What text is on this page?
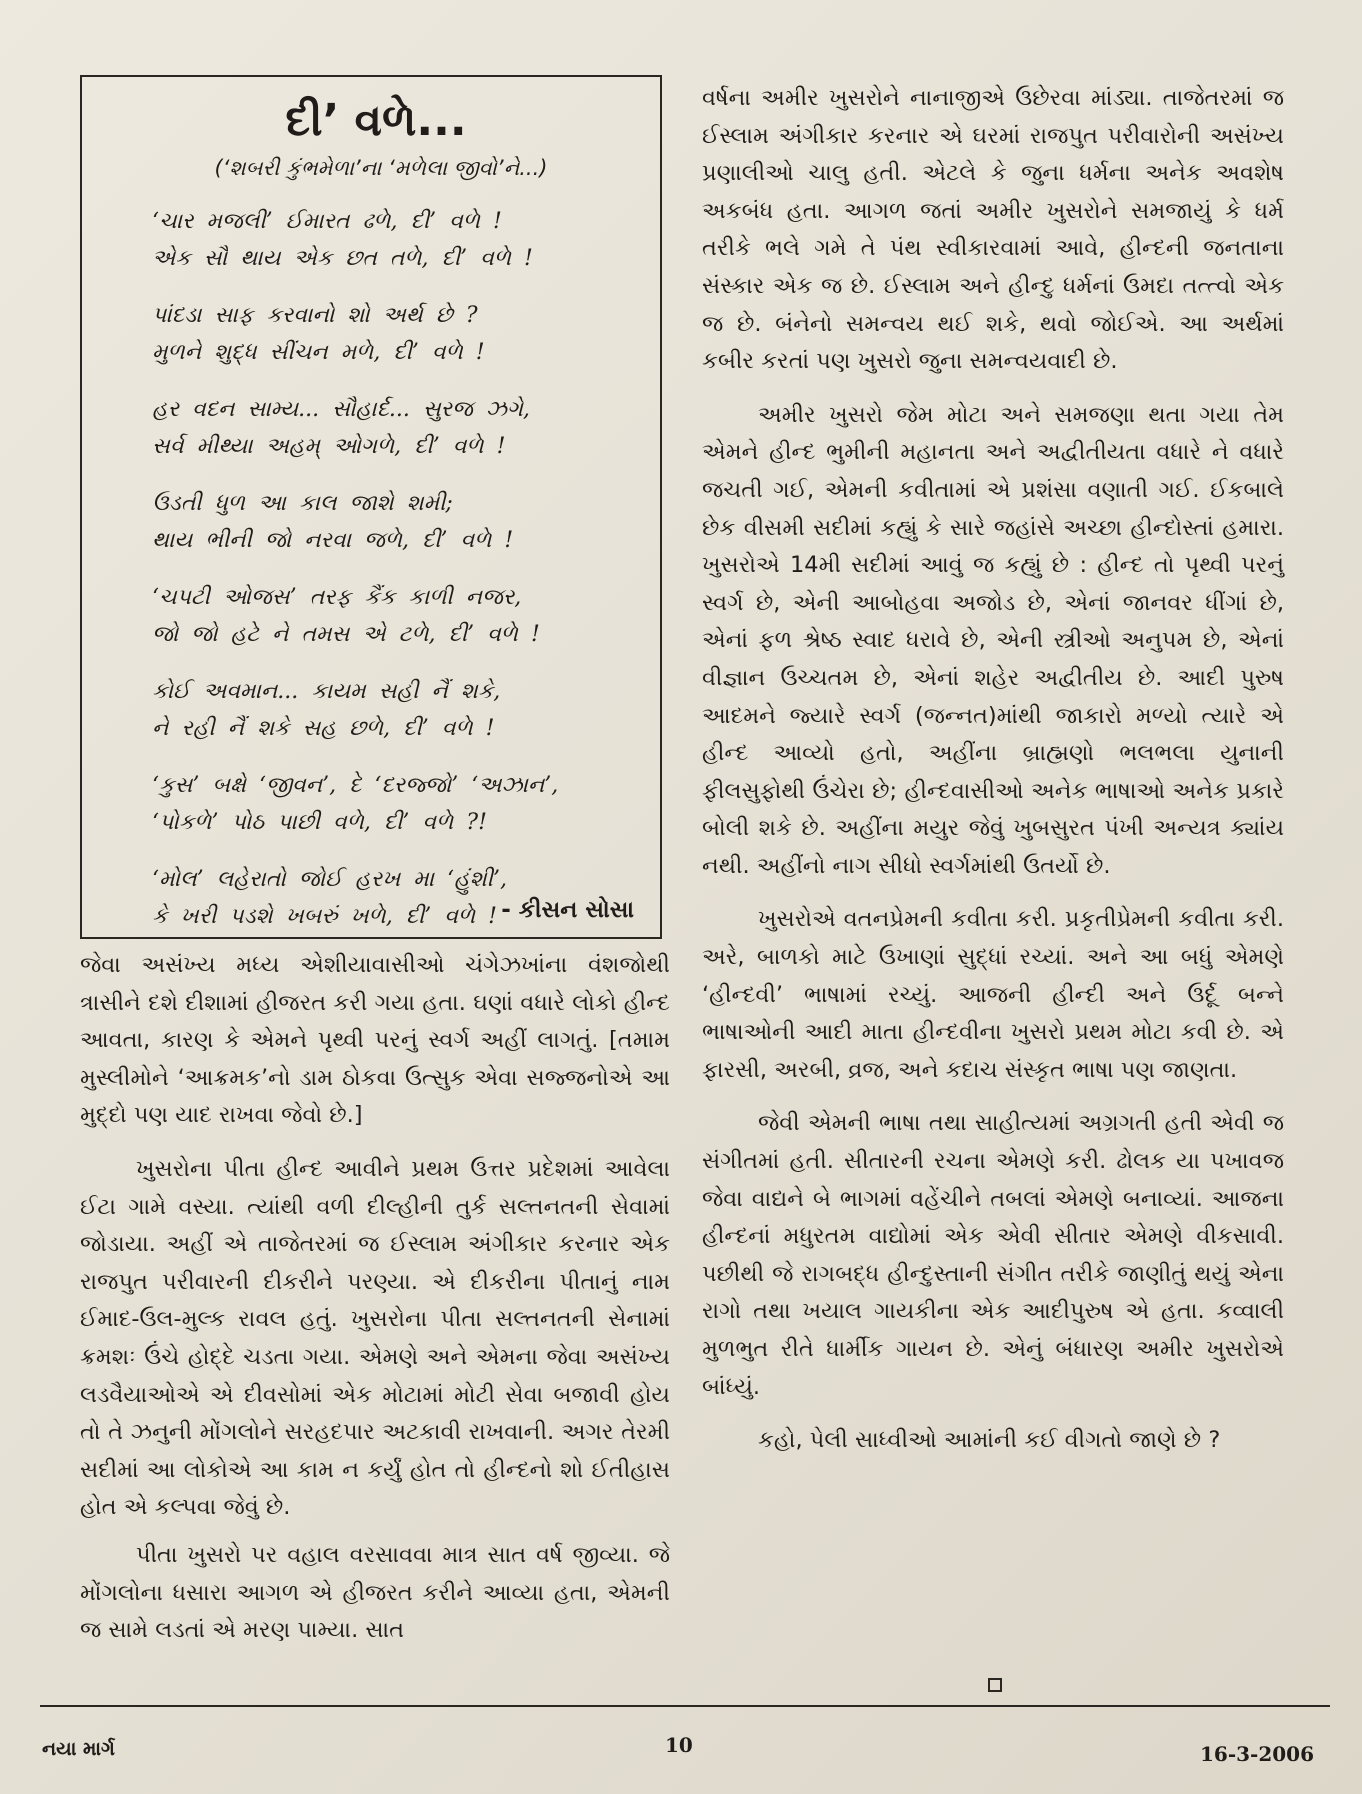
દી’ વળે...
(‘શબરી કુંભમેળા’ના ‘મળેલા જીવો’ને...)
‘ચાર મજલી’ ઈમારત ઢળે, દી’ વળે !
એક સૌ થાય એક છત તળે, દી’ વળે !
પાંદડા સાફ કરવાનો શો અર્થ છે ?
મુળને શુદ્ધ સીંચન મળે, દી’ વળે !
હર વદન સામ્ય... સૌહાર્દ... સુરજ ઝગે,
સર્વ મીથ્યા અહમ્ ઓગળે, દી’ વળે !
ઉડતી ધુળ આ કાલ જાશે શમી;
થાય ભીની જો નરવા જળે, દી’ વળે !
‘ચપટી ઓજસ’ તરફ કૈંક કાળી નજર,
જો જો હટે ને તમસ એ ટળે, દી’ વળે !
કોઈ અવમાન... કાયમ સહી નૈં શકે,
ને રહી નૈં શકે સહ છળે, દી’ વળે !
‘કુસ’ બક્ષે ‘જીવન’, દે ‘દરજ્જો’ ‘અઝાન’,
‘પોકળે’ પોઠ પાછી વળે, દી’ વળે ?!
‘મોલ’ લહેરાતો જોઈ હરખ મા ‘હુંશી’,
કે ખરી પડશે ખબરું ખળે, દી’ વળે ! - કીસન સોસા

જેવા અસંખ્ય મધ્ય એશીયાવાસીઓ ચંગેઝખાંના વંશજોથી ત્રાસીને દશે દીશામાં હીજરત કરી ગયા હતા. ઘણાં વધારે લોકો હીન્દ આવતા, કારણ કે એમને પૃથ્વી પરનું સ્વર્ગ અહીં લાગતું. [તમામ મુસ્લીમોને ‘આક્રમક’નો ડામ ઠોકવા ઉત્સુક એવા સજ્જનોએ આ મુદ્દો પણ યાદ રાખવા જેવો છે.]

ખુસરોના પીતા હીન્દ આવીને પ્રથમ ઉત્તર પ્રદેશમાં આવેલા ઈટા ગામે વસ્યા. ત્યાંથી વળી દીલ્હીની તુર્ક સલ્તનતની સેવામાં જોડાયા. અહીં એ તાજેતરમાં જ ઈસ્લામ અંગીકાર કરનાર એક રાજપુત પરીવારની દીકરીને પરણ્યા. એ દીકરીના પીતાનું નામ ઈમાદ-ઉલ-મુલ્ક રાવલ હતું. ખુસરોના પીતા સલ્તનતની સેનામાં ક્રમશઃ ઉંચે હોદ્દે ચડતા ગયા. એમણે અને એમના જેવા અસંખ્ય લડવૈયાઓએ એ દીવસોમાં એક મોટામાં મોટી સેવા બજાવી હોય તો તે ઝનુની મોંગલોને સરહદપાર અટકાવી રાખવાની. અગર તેરમી સદીમાં આ લોકોએ આ કામ ન કર્યું હોત તો હીન્દનો શો ઈતીહાસ હોત એ કલ્પવા જેવું છે.

પીતા ખુસરો પર વહાલ વરસાવવા માત્ર સાત વર્ષ જીવ્યા. જે મોંગલોના ધસારા આગળ એ હીજરત કરીને આવ્યા હતા, એમની જ સામે લડતાં એ મરણ પામ્યા. સાત

વર્ષના અમીર ખુસરોને નાનાજીએ ઉછેરવા માંડ્યા. તાજેતરમાં જ ઈસ્લામ અંગીકાર કરનાર એ ઘરમાં રાજપુત પરીવારોની અસંખ્ય પ્રણાલીઓ ચાલુ હતી. એટલે કે જુના ધર્મના અનેક અવશેષ અકબંધ હતા. આગળ જતાં અમીર ખુસરોને સમજાયું કે ધર્મ તરીકે ભલે ગમે તે પંથ સ્વીકારવામાં આવે, હીન્દની જનતાના સંસ્કાર એક જ છે. ઈસ્લામ અને હીન્દુ ધર્મનાં ઉમદા તત્ત્વો એક જ છે. બંનેનો સમન્વય થઈ શકે, થવો જોઈએ. આ અર્થમાં કબીર કરતાં પણ ખુસરો જુના સમન્વયવાદી છે.

અમીર ખુસરો જેમ મોટા અને સમજણા થતા ગયા તેમ એમને હીન્દ ભુમીની મહાનતા અને અદ્વીતીયતા વધારે ને વધારે જચતી ગઈ, એમની કવીતામાં એ પ્રશંસા વણાતી ગઈ. ઈકબાલે છેક વીસમી સદીમાં કહ્યું કે સારે જહાંસે અચ્છા હીન્દોસ્તાં હમારા. ખુસરોએ 14મી સદીમાં આવું જ કહ્યું છે : હીન્દ તો પૃથ્વી પરનું સ્વર્ગ છે, એની આબોહવા અજોડ છે, એનાં જાનવર ધીંગાં છે, એનાં ફળ શ્રેષ્ઠ સ્વાદ ધરાવે છે, એની સ્ત્રીઓ અનુપમ છે, એનાં વીજ્ઞાન ઉચ્ચતમ છે, એનાં શહેર અદ્વીતીય છે. આદી પુરુષ આદમને જ્યારે સ્વર્ગ (જન્નત)માંથી જાકારો મળ્યો ત્યારે એ હીન્દ આવ્યો હતો, અહીંના બ્રાહ્મણો ભલભલા યુનાની ફીલસુફોથી ઉંચેરા છે; હીન્દવાસીઓ અનેક ભાષાઓ અનેક પ્રકારે બોલી શકે છે. અહીંના મયુર જેવું ખુબસુરત પંખી અન્યત્ર ક્યાંય નથી. અહીંનો નાગ સીધો સ્વર્ગમાંથી ઉતર્યો છે.

ખુસરોએ વતનપ્રેમની કવીતા કરી. પ્રકૃતીપ્રેમની કવીતા કરી. અરે, બાળકો માટે ઉખાણાં સુદ્ધાં રચ્યાં. અને આ બધું એમણે ‘હીન્દવી’ ભાષામાં રચ્યું. આજની હીન્દી અને ઉર્દૂ બન્ને ભાષાઓની આદી માતા હીન્દવીના ખુસરો પ્રથમ મોટા કવી છે. એ ફારસી, અરબી, વ્રજ, અને કદાચ સંસ્કૃત ભાષા પણ જાણતા.

જેવી એમની ભાષા તથા સાહીત્યમાં અગ્રગતી હતી એવી જ સંગીતમાં હતી. સીતારની રચના એમણે કરી. ઢોલક યા પખાવજ જેવા વાદ્યને બે ભાગમાં વહેંચીને તબલાં એમણે બનાવ્યાં. આજના હીન્દનાં મધુરતમ વાદ્યોમાં એક એવી સીતાર એમણે વીકસાવી. પછીથી જે રાગબદ્ધ હીન્દુસ્તાની સંગીત તરીકે જાણીતું થયું એના રાગો તથા ખયાલ ગાયકીના એક આદીપુરુષ એ હતા. કવ્વાલી મુળભુત રીતે ધાર્મીક ગાયન છે. એનું બંધારણ અમીર ખુસરોએ બાંધ્યું.

કહો, પેલી સાધ્વીઓ આમાંની કઈ વીગતો જાણે છે ?

નયા માર્ગ	10	16-3-2006
